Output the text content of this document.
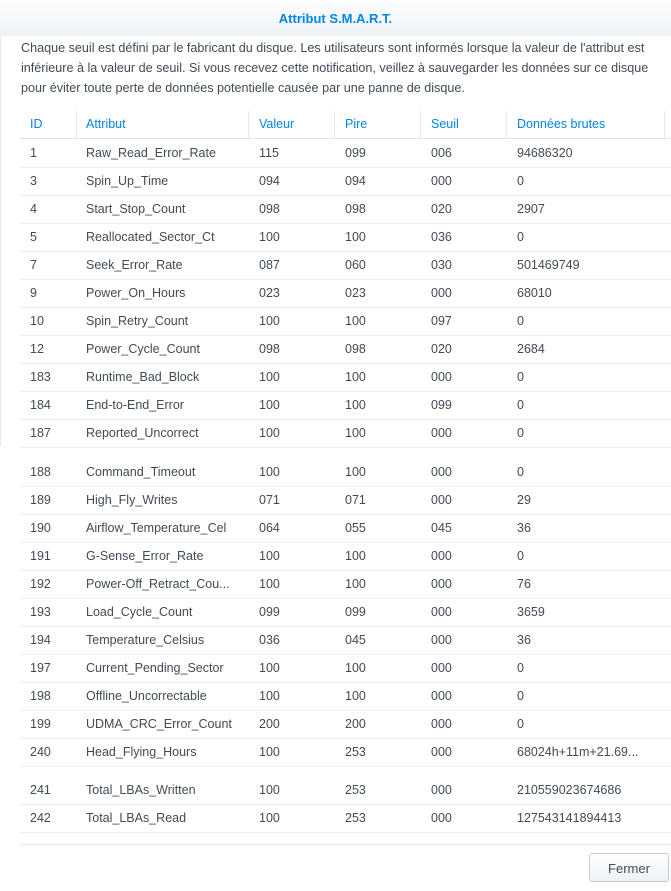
Attribut S.M.A.R.T.
Chaque seuil est défini par le fabricant du disque. Les utilisateurs sont informés lorsque la valeur de l'attribut est inférieure à la valeur de seuil. Si vous recevez cette notification, veillez à sauvegarder les données sur ce disque pour éviter toute perte de données potentielle causée par une panne de disque.
ID	Attribut	Valeur	Pire	Seuil	Données brutes
1	Raw_Read_Error_Rate	115	099	006	94686320
3	Spin_Up_Time	094	094	000	0
4	Start_Stop_Count	098	098	020	2907
5	Reallocated_Sector_Ct	100	100	036	0
7	Seek_Error_Rate	087	060	030	501469749
9	Power_On_Hours	023	023	000	68010
10	Spin_Retry_Count	100	100	097	0
12	Power_Cycle_Count	098	098	020	2684
183	Runtime_Bad_Block	100	100	000	0
184	End-to-End_Error	100	100	099	0
187	Reported_Uncorrect	100	100	000	0
188	Command_Timeout	100	100	000	0
189	High_Fly_Writes	071	071	000	29
190	Airflow_Temperature_Cel	064	055	045	36
191	G-Sense_Error_Rate	100	100	000	0
192	Power-Off_Retract_Cou...	100	100	000	76
193	Load_Cycle_Count	099	099	000	3659
194	Temperature_Celsius	036	045	000	36
197	Current_Pending_Sector	100	100	000	0
198	Offline_Uncorrectable	100	100	000	0
199	UDMA_CRC_Error_Count	200	200	000	0
240	Head_Flying_Hours	100	253	000	68024h+11m+21.69...
241	Total_LBAs_Written	100	253	000	210559023674686
242	Total_LBAs_Read	100	253	000	127543141894413
Fermer
